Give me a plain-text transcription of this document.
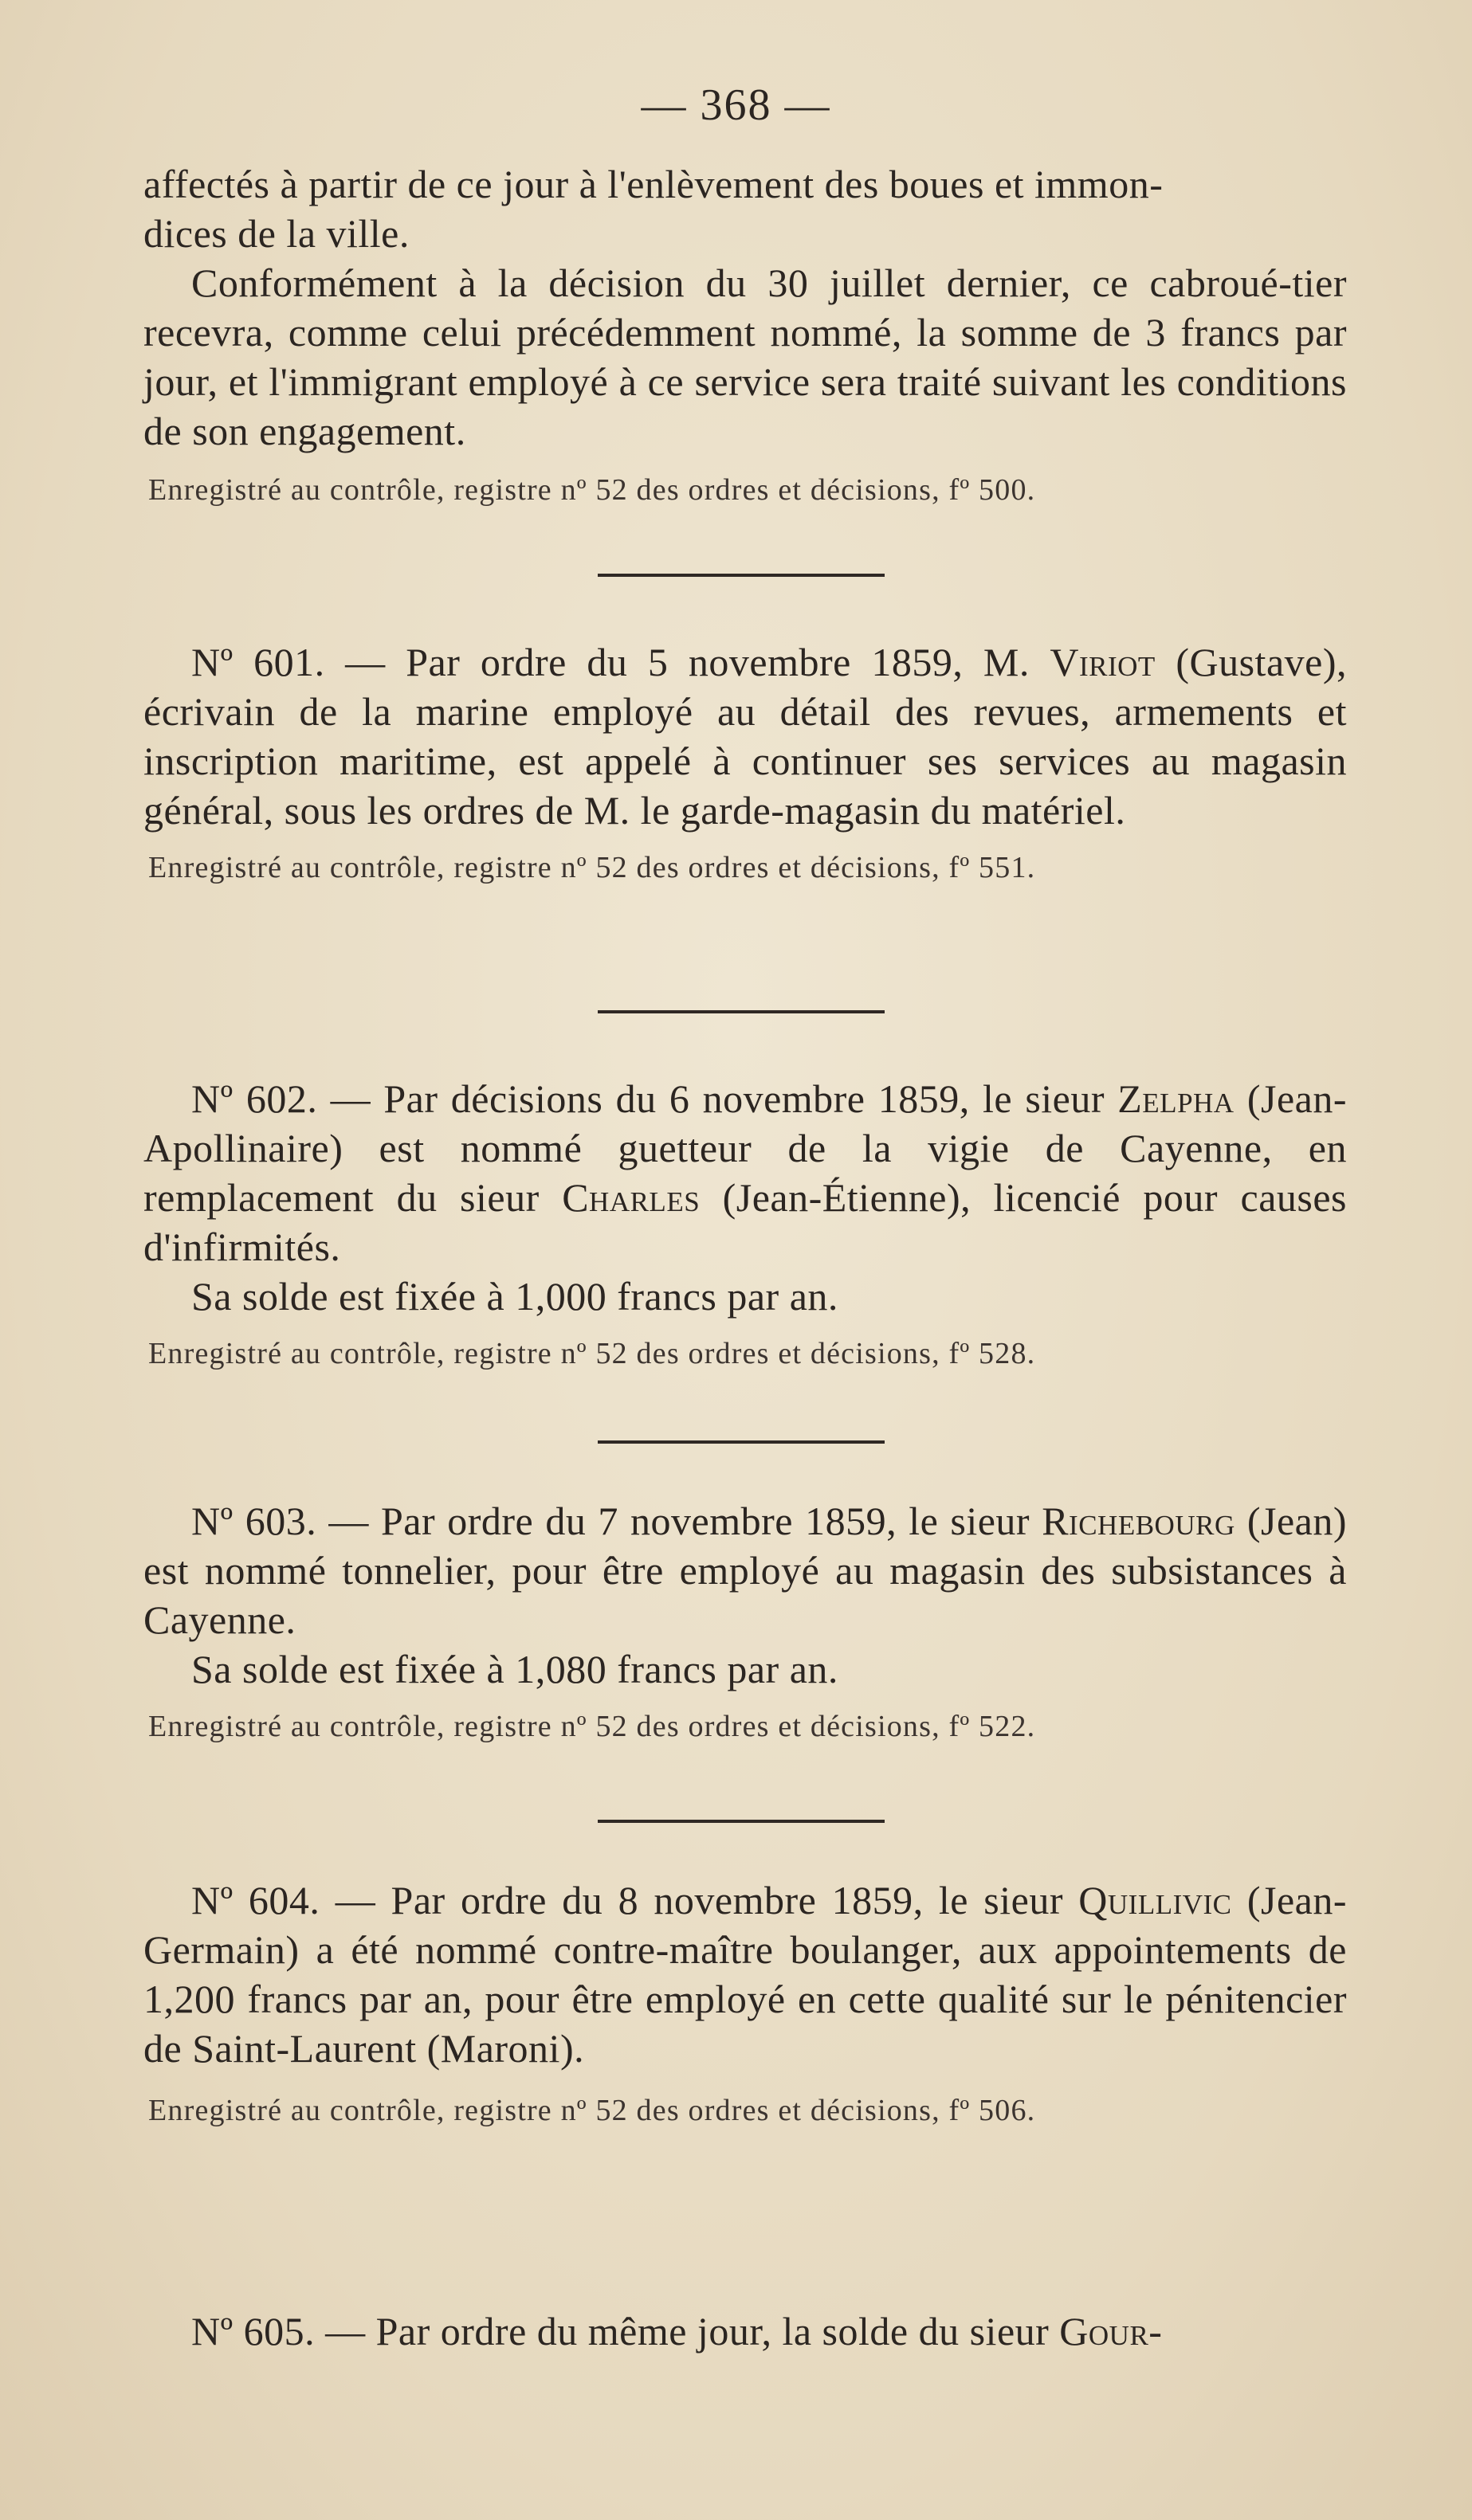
— 368 —

affectés à partir de ce jour à l'enlèvement des boues et immon-

dices de la ville.

Conformément à la décision du 30 juillet dernier, ce cabroué-tier recevra, comme celui précédemment nommé, la somme de 3 francs par jour, et l'immigrant employé à ce service sera traité suivant les conditions de son engagement.

Enregistré au contrôle, registre nº 52 des ordres et décisions, fº 500.

Nº 601. — Par ordre du 5 novembre 1859, M. Viriot (Gustave), écrivain de la marine employé au détail des revues, armements et inscription maritime, est appelé à continuer ses services au magasin général, sous les ordres de M. le garde-magasin du matériel.

Enregistré au contrôle, registre nº 52 des ordres et décisions, fº 551.

Nº 602. — Par décisions du 6 novembre 1859, le sieur Zelpha (Jean-Apollinaire) est nommé guetteur de la vigie de Cayenne, en remplacement du sieur Charles (Jean-Étienne), licencié pour causes d'infirmités.

Sa solde est fixée à 1,000 francs par an.

Enregistré au contrôle, registre nº 52 des ordres et décisions, fº 528.

Nº 603. — Par ordre du 7 novembre 1859, le sieur Richebourg (Jean) est nommé tonnelier, pour être employé au magasin des subsistances à Cayenne.

Sa solde est fixée à 1,080 francs par an.

Enregistré au contrôle, registre nº 52 des ordres et décisions, fº 522.

Nº 604. — Par ordre du 8 novembre 1859, le sieur Quillivic (Jean-Germain) a été nommé contre-maître boulanger, aux appointements de 1,200 francs par an, pour être employé en cette qualité sur le pénitencier de Saint-Laurent (Maroni).

Enregistré au contrôle, registre nº 52 des ordres et décisions, fº 506.

Nº 605. — Par ordre du même jour, la solde du sieur Gour-
